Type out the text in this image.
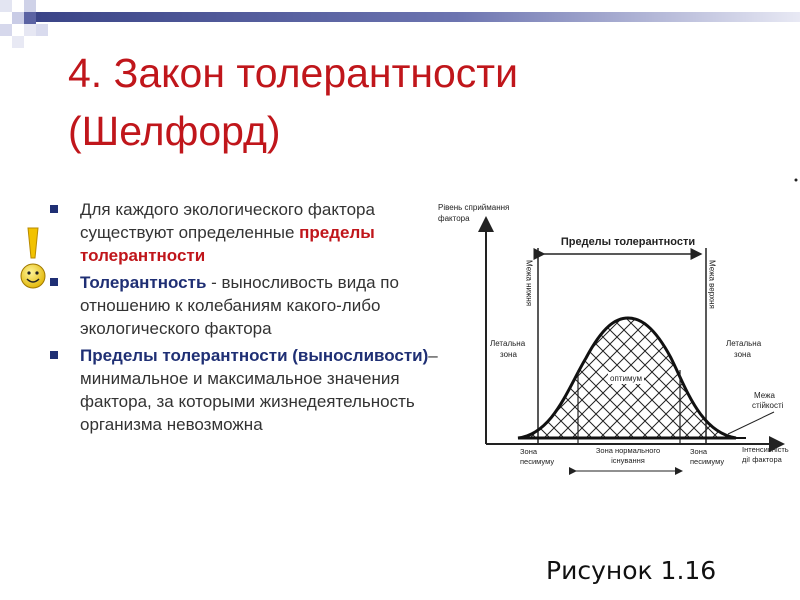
4. Закон толерантности
(Шелфорд)
Для каждого экологического фактора существуют определенные пределы толерантности
Толерантность - выносливость вида по отношению к колебаниям какого-либо экологического фактора
Пределы толерантности (выносливости)– минимальное и максимальное значения фактора, за которыми жизнедеятельность организма невозможна
Рівень сприймання фактора
Пределы толерантности
Межа нижня	Межа верхня
Летальна зона
Летальна зона
оптимум
Межа стійкості
Зона песимуму
Зона нормального існування
Зона песимуму
Інтенсивність дії фактора
Рисунок 1.16
